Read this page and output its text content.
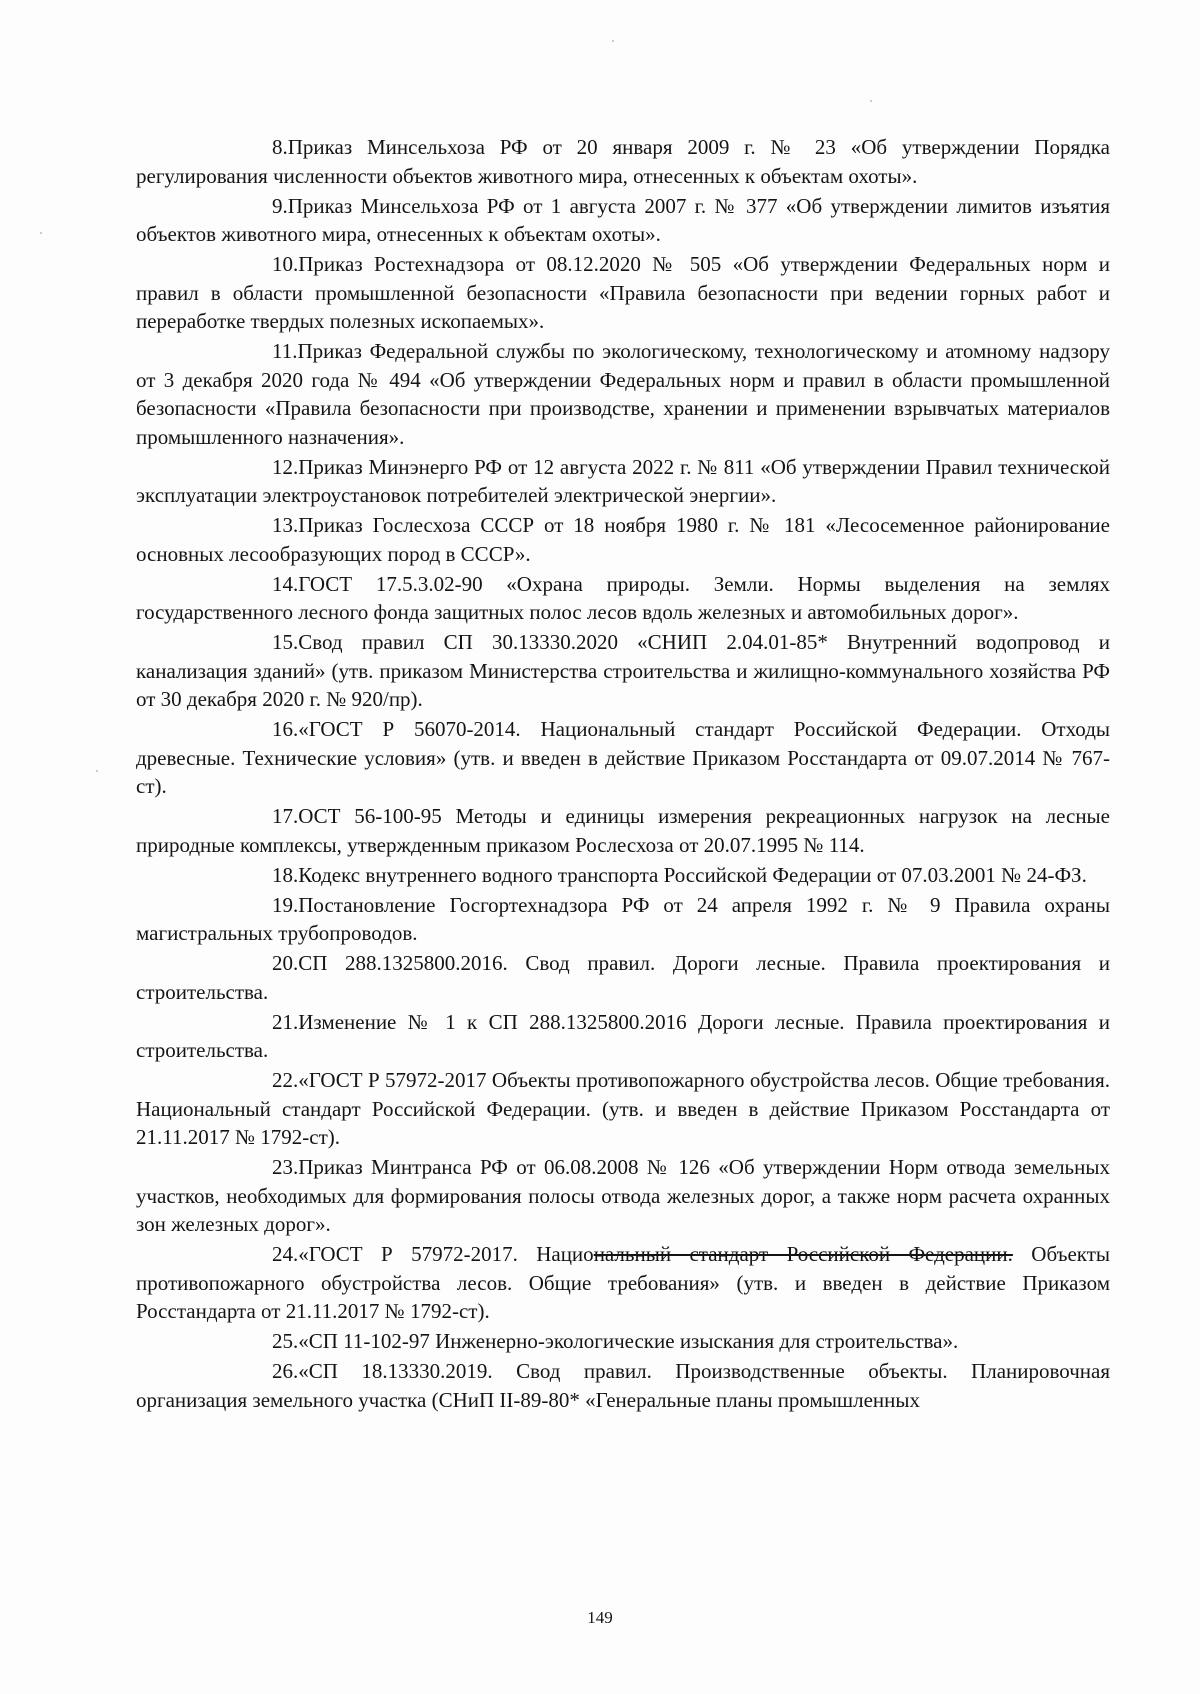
8.Приказ Минсельхоза РФ от 20 января 2009 г. № 23 «Об утверждении Порядка регулирования численности объектов животного мира, отнесенных к объектам охоты».

9.Приказ Минсельхоза РФ от 1 августа 2007 г. № 377 «Об утверждении лимитов изъятия объектов животного мира, отнесенных к объектам охоты».

10.Приказ Ростехнадзора от 08.12.2020 № 505 «Об утверждении Федеральных норм и правил в области промышленной безопасности «Правила безопасности при ведении горных работ и переработке твердых полезных ископаемых».

11.Приказ Федеральной службы по экологическому, технологическому и атомному надзору от 3 декабря 2020 года № 494 «Об утверждении Федеральных норм и правил в области промышленной безопасности «Правила безопасности при производстве, хранении и применении взрывчатых материалов промышленного назначения».

12.Приказ Минэнерго РФ от 12 августа 2022 г. № 811 «Об утверждении Правил технической эксплуатации электроустановок потребителей электрической энергии».

13.Приказ Гослесхоза СССР от 18 ноября 1980 г. № 181 «Лесосеменное районирование основных лесообразующих пород в СССР».

14.ГОСТ 17.5.3.02-90 «Охрана природы. Земли. Нормы выделения на землях государственного лесного фонда защитных полос лесов вдоль железных и автомобильных дорог».

15.Свод правил СП 30.13330.2020 «СНИП 2.04.01-85* Внутренний водопровод и канализация зданий» (утв. приказом Министерства строительства и жилищно-коммунального хозяйства РФ от 30 декабря 2020 г. № 920/пр).

16.«ГОСТ Р 56070-2014. Национальный стандарт Российской Федерации. Отходы древесные. Технические условия» (утв. и введен в действие Приказом Росстандарта от 09.07.2014 № 767-ст).

17.ОСТ 56-100-95 Методы и единицы измерения рекреационных нагрузок на лесные природные комплексы, утвержденным приказом Рослесхоза от 20.07.1995 № 114.

18.Кодекс внутреннего водного транспорта Российской Федерации от 07.03.2001 № 24-ФЗ.

19.Постановление Госгортехнадзора РФ от 24 апреля 1992 г. № 9 Правила охраны магистральных трубопроводов.

20.СП 288.1325800.2016. Свод правил. Дороги лесные. Правила проектирования и строительства.

21.Изменение № 1 к СП 288.1325800.2016 Дороги лесные. Правила проектирования и строительства.

22.«ГОСТ Р 57972-2017 Объекты противопожарного обустройства лесов. Общие требования. Национальный стандарт Российской Федерации. (утв. и введен в действие Приказом Росстандарта от 21.11.2017 № 1792-ст).

23.Приказ Минтранса РФ от 06.08.2008 № 126 «Об утверждении Норм отвода земельных участков, необходимых для формирования полосы отвода железных дорог, а также норм расчета охранных зон железных дорог».

24.«ГОСТ Р 57972-2017. Национальный стандарт Российской Федерации. Объекты противопожарного обустройства лесов. Общие требования» (утв. и введен в действие Приказом Росстандарта от 21.11.2017 № 1792-ст).

25.«СП 11-102-97 Инженерно-экологические изыскания для строительства».

26.«СП 18.13330.2019. Свод правил. Производственные объекты. Планировочная организация земельного участка (СНиП II-89-80* «Генеральные планы промышленных

149
